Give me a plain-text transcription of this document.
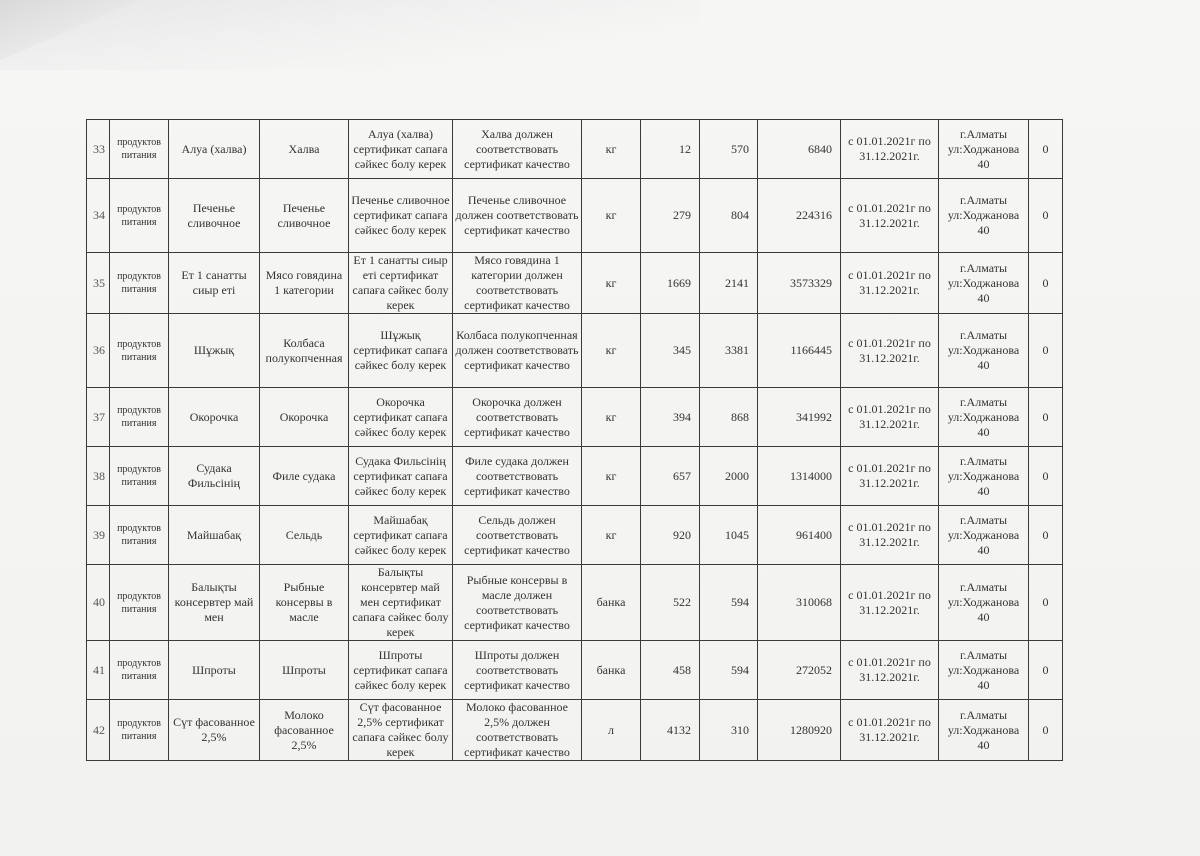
33	продуктов питания	Алуа (халва)	Халва	Алуа (халва) сеpтификат сапаға сәйкес болу керек	Халва должен соответствовать сертификат качество	кг	12	570	6840	с 01.01.2021г по 31.12.2021г.	г.Алматы ул:Ходжанова 40	0
34	продуктов питания	Печенье сливочное	Печенье сливочное	Печенье сливочное сеpтификат сапаға сәйкес болу керек	Печенье сливочное должен соответствовать сертификат качество	кг	279	804	224316	с 01.01.2021г по 31.12.2021г.	г.Алматы ул:Ходжанова 40	0
35	продуктов питания	Ет 1 санатты сиыр еті	Мясо говядина 1 категории	Ет 1 санатты сиыр еті сеpтификат сапаға сәйкес болу керек	Мясо говядина 1 категории должен соответствовать сертификат качество	кг	1669	2141	3573329	с 01.01.2021г по 31.12.2021г.	г.Алматы ул:Ходжанова 40	0
36	продуктов питания	Шұжық	Колбаса полукопченная	Шұжық сеpтификат сапаға сәйкес болу керек	Колбаса полукопченная должен соответствовать сертификат качество	кг	345	3381	1166445	с 01.01.2021г по 31.12.2021г.	г.Алматы ул:Ходжанова 40	0
37	продуктов питания	Окорочка	Окорочка	Окорочка сеpтификат сапаға сәйкес болу керек	Окорочка должен соответствовать сертификат качество	кг	394	868	341992	с 01.01.2021г по 31.12.2021г.	г.Алматы ул:Ходжанова 40	0
38	продуктов питания	Судака Фильсінің	Филе судака	Судака Фильсінің сеpтификат сапаға сәйкес болу керек	Филе судака должен соответствовать сертификат качество	кг	657	2000	1314000	с 01.01.2021г по 31.12.2021г.	г.Алматы ул:Ходжанова 40	0
39	продуктов питания	Майшабақ	Сельдь	Майшабақ сеpтификат сапаға сәйкес болу керек	Сельдь должен соответствовать сертификат качество	кг	920	1045	961400	с 01.01.2021г по 31.12.2021г.	г.Алматы ул:Ходжанова 40	0
40	продуктов питания	Балықты консервтер май мен	Рыбные консервы в масле	Балықты консервтер май мен сеpтификат сапаға сәйкес болу керек	Рыбные консервы в масле должен соответствовать сертификат качество	банка	522	594	310068	с 01.01.2021г по 31.12.2021г.	г.Алматы ул:Ходжанова 40	0
41	продуктов питания	Шпроты	Шпроты	Шпроты сеpтификат сапаға сәйкес болу керек	Шпроты должен соответствовать сертификат качество	банка	458	594	272052	с 01.01.2021г по 31.12.2021г.	г.Алматы ул:Ходжанова 40	0
42	продуктов питания	Сүт фасованное 2,5%	Молоко фасованное 2,5%	Сүт фасованное 2,5% сеpтификат сапаға сәйкес болу керек	Молоко фасованное 2,5% должен соответствовать сертификат качество	л	4132	310	1280920	с 01.01.2021г по 31.12.2021г.	г.Алматы ул:Ходжанова 40	0
